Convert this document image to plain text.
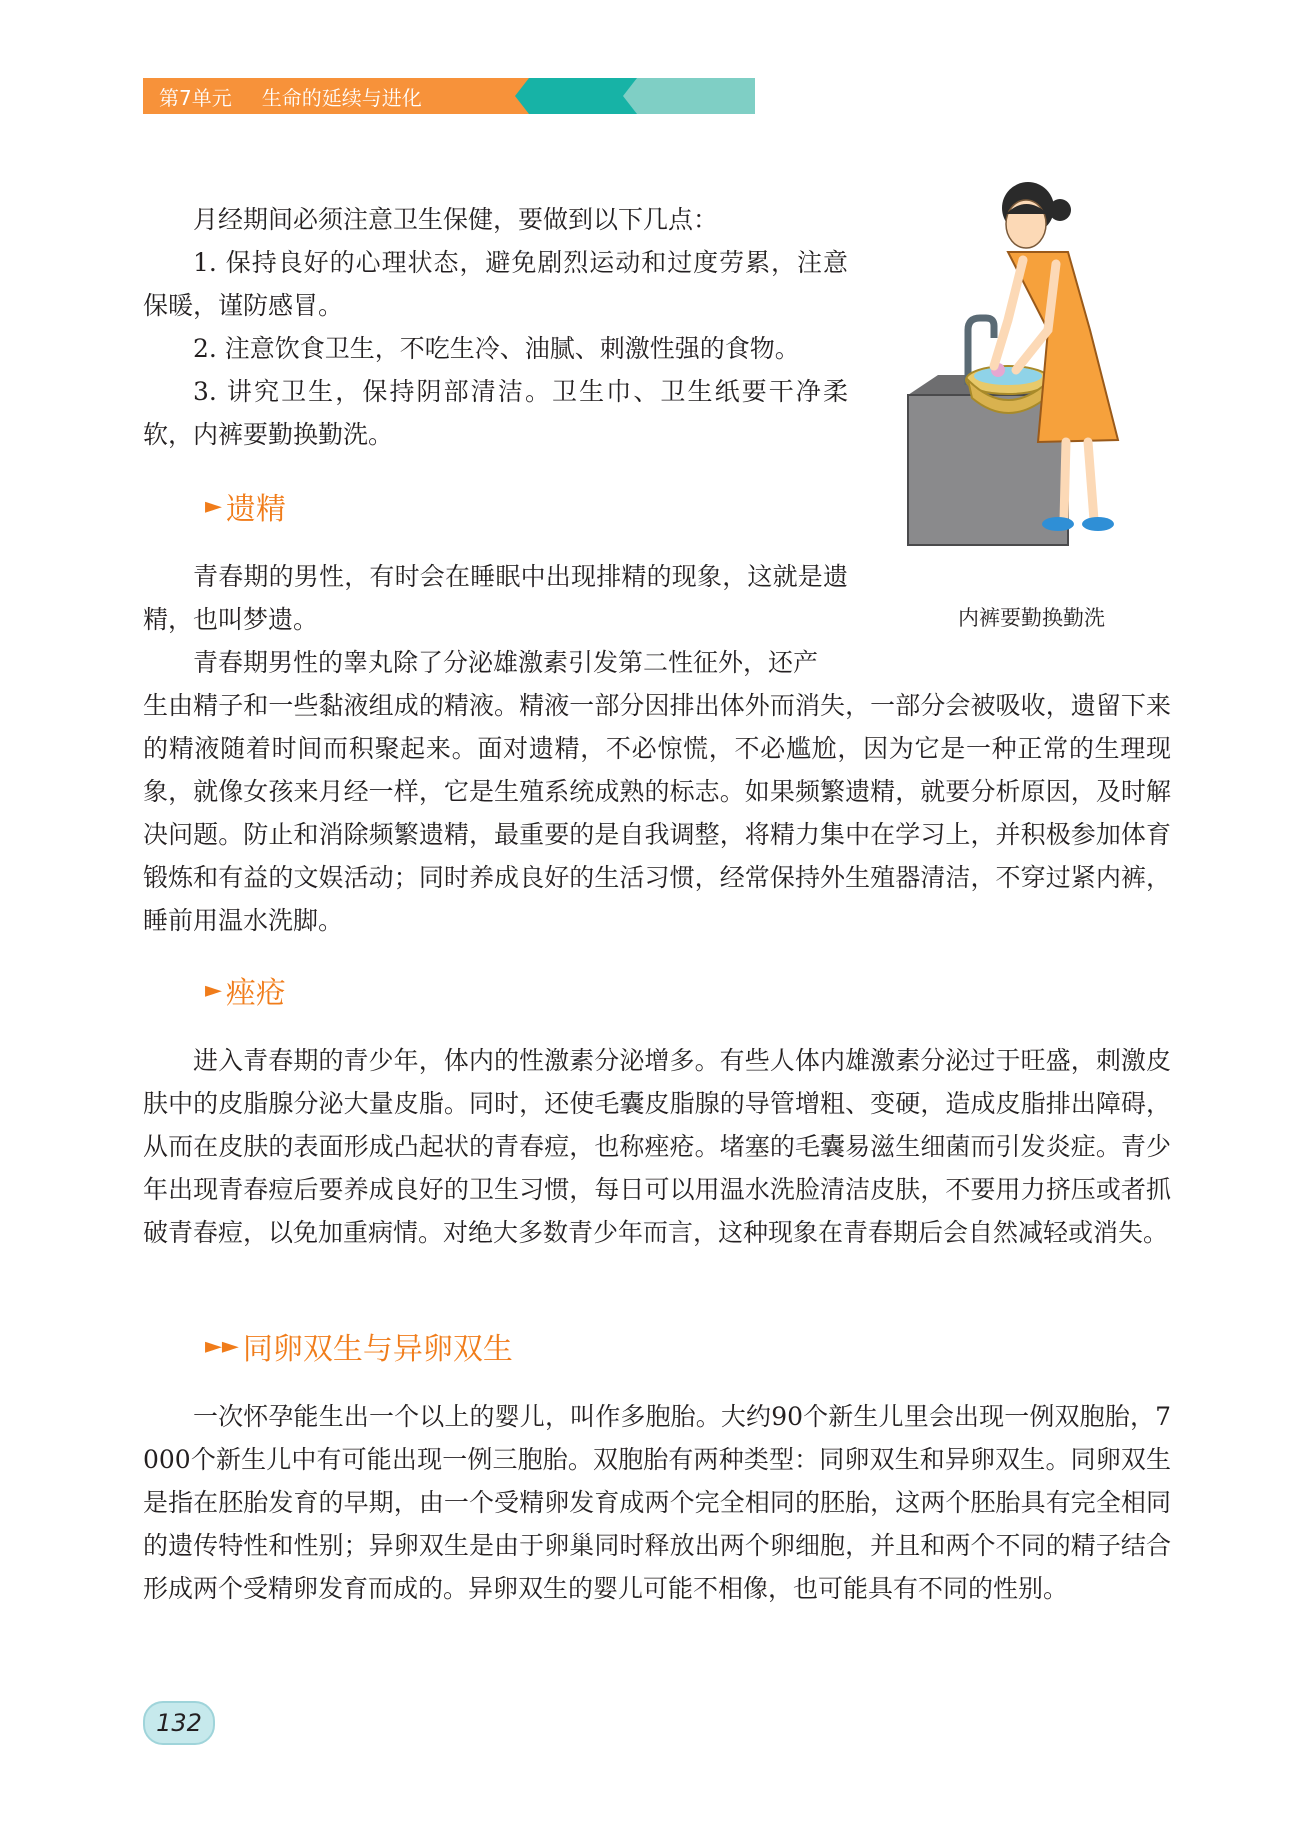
第7单元 生命的延续与进化

月经期间必须注意卫生保健，要做到以下几点：

1. 保持良好的心理状态，避免剧烈运动和过度劳累，注意保暖，谨防感冒。

2. 注意饮食卫生，不吃生冷、油腻、刺激性强的食物。

3. 讲究卫生，保持阴部清洁。卫生巾、卫生纸要干净柔软，内裤要勤换勤洗。

内裤要勤换勤洗
► 遗精

青春期的男性，有时会在睡眠中出现排精的现象，这就是遗精，也叫梦遗。

青春期男性的睾丸除了分泌雄激素引发第二性征外，还产

生由精子和一些黏液组成的精液。精液一部分因排出体外而消失，一部分会被吸收，遗留下来的精液随着时间而积聚起来。面对遗精，不必惊慌，不必尴尬，因为它是一种正常的生理现象，就像女孩来月经一样，它是生殖系统成熟的标志。如果频繁遗精，就要分析原因，及时解决问题。防止和消除频繁遗精，最重要的是自我调整，将精力集中在学习上，并积极参加体育锻炼和有益的文娱活动；同时养成良好的生活习惯，经常保持外生殖器清洁，不穿过紧内裤，睡前用温水洗脚。

► 痤疮

进入青春期的青少年，体内的性激素分泌增多。有些人体内雄激素分泌过于旺盛，刺激皮肤中的皮脂腺分泌大量皮脂。同时，还使毛囊皮脂腺的导管增粗、变硬，造成皮脂排出障碍，从而在皮肤的表面形成凸起状的青春痘，也称痤疮。堵塞的毛囊易滋生细菌而引发炎症。青少年出现青春痘后要养成良好的卫生习惯，每日可以用温水洗脸清洁皮肤，不要用力挤压或者抓破青春痘，以免加重病情。对绝大多数青少年而言，这种现象在青春期后会自然减轻或消失。

►► 同卵双生与异卵双生

一次怀孕能生出一个以上的婴儿，叫作多胞胎。大约90个新生儿里会出现一例双胞胎，7 000个新生儿中有可能出现一例三胞胎。双胞胎有两种类型：同卵双生和异卵双生。同卵双生是指在胚胎发育的早期，由一个受精卵发育成两个完全相同的胚胎，这两个胚胎具有完全相同的遗传特性和性别；异卵双生是由于卵巢同时释放出两个卵细胞，并且和两个不同的精子结合形成两个受精卵发育而成的。异卵双生的婴儿可能不相像，也可能具有不同的性别。

132
